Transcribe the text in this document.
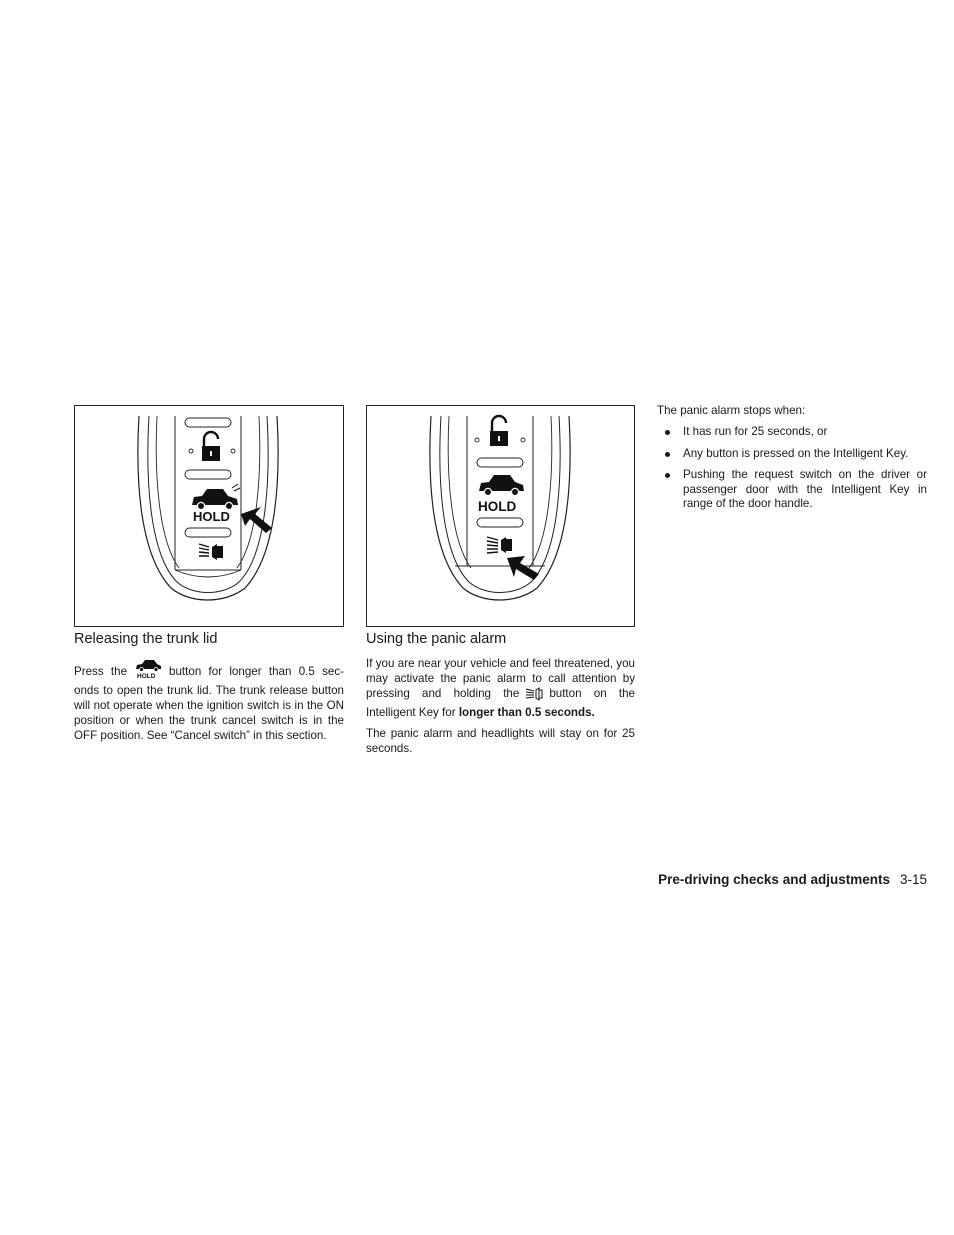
HOLD
HOLD
Releasing the trunk lid

Press the HOLD button for longer than 0.5 sec-onds to open the trunk lid. The trunk release button will not operate when the ignition switch is in the ON position or when the trunk cancel switch is in the OFF position. See “Cancel switch” in this section.

Using the panic alarm

If you are near your vehicle and feel threatened, you may activate the panic alarm to call attention by pressing and holding the	button on the Intelligent Key for longer than 0.5 seconds.

The panic alarm and headlights will stay on for 25 seconds.

The panic alarm stops when:

It has run for 25 seconds, or
Any button is pressed on the Intelligent Key.
Pushing the request switch on the driver or passenger door with the Intelligent Key in range of the door handle.
Pre-driving checks and adjustments 3-15
